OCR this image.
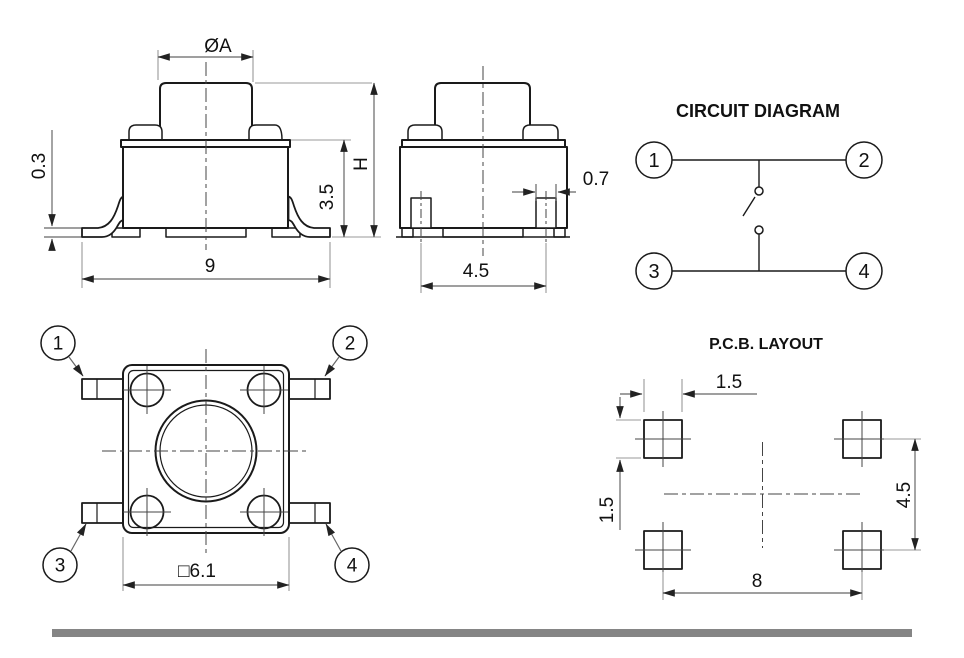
ØA
0.3
3.5
H
9
0.7
4.5
CIRCUIT DIAGRAM
1	2
3	4
□6.1
1	2
3	4
P.C.B. LAYOUT
1.5
1.5
4.5
8
